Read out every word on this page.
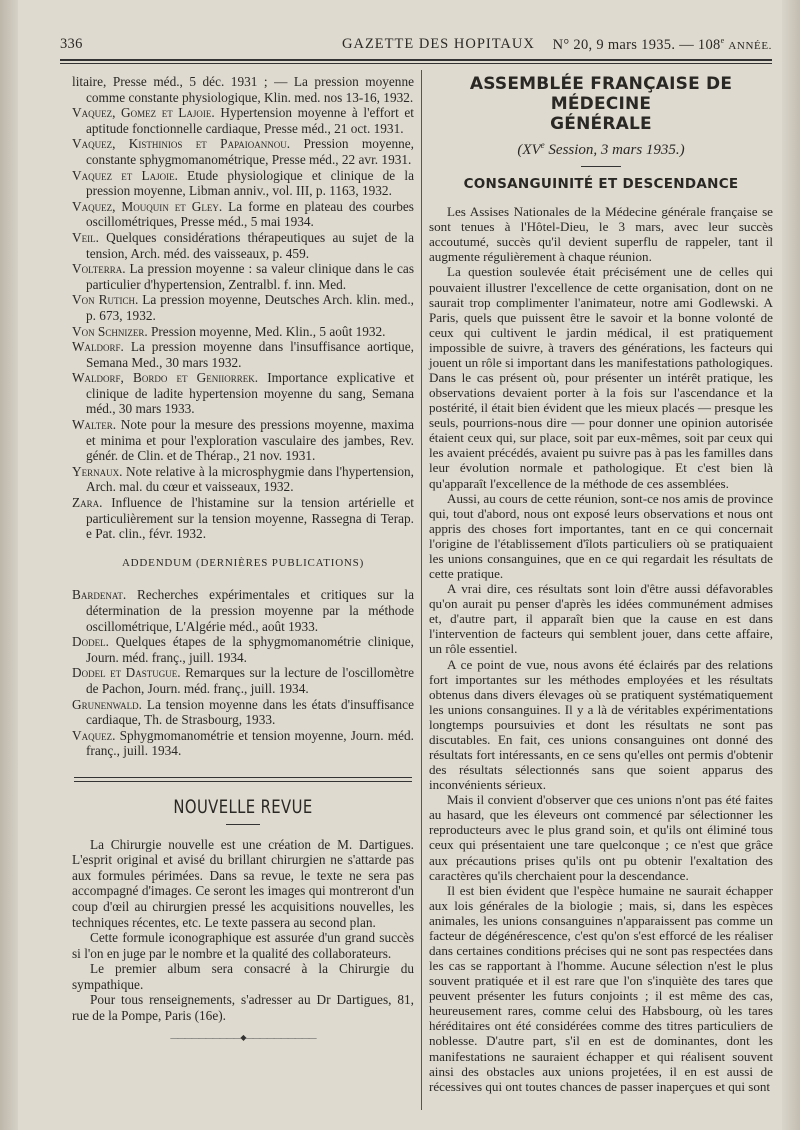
336	GAZETTE DES HOPITAUX N° 20, 9 mars 1935. — 108e ANNÉE.

litaire, Presse méd., 5 déc. 1931 ; — La pression moyenne comme constante physiologique, Klin. med. nos 13-16, 1932.

Vaquez, Gomez et Lajoie. Hypertension moyenne à l'effort et aptitude fonctionnelle cardiaque, Presse méd., 21 oct. 1931.

Vaquez, Kisthinios et Papaioannou. Pression moyenne, constante sphygmomanométrique, Presse méd., 22 avr. 1931.

Vaquez et Lajoie. Etude physiologique et clinique de la pression moyenne, Libman anniv., vol. III, p. 1163, 1932.

Vaquez, Mouquin et Gley. La forme en plateau des courbes oscillométriques, Presse méd., 5 mai 1934.

Veil. Quelques considérations thérapeutiques au sujet de la tension, Arch. méd. des vaisseaux, p. 459.

Volterra. La pression moyenne : sa valeur clinique dans le cas particulier d'hypertension, Zentralbl. f. inn. Med.

Von Rutich. La pression moyenne, Deutsches Arch. klin. med., p. 673, 1932.

Von Schnizer. Pression moyenne, Med. Klin., 5 août 1932.

Waldorf. La pression moyenne dans l'insuffisance aortique, Semana Med., 30 mars 1932.

Waldorf, Bordo et Geniiorrek. Importance explicative et clinique de ladite hypertension moyenne du sang, Semana méd., 30 mars 1933.

Walter. Note pour la mesure des pressions moyenne, maxima et minima et pour l'exploration vasculaire des jambes, Rev. génér. de Clin. et de Thérap., 21 nov. 1931.

Yernaux. Note relative à la microsphygmie dans l'hypertension, Arch. mal. du cœur et vaisseaux, 1932.

Zara. Influence de l'histamine sur la tension artérielle et particulièrement sur la tension moyenne, Rassegna di Terap. e Pat. clin., févr. 1932.

ADDENDUM (DERNIÈRES PUBLICATIONS)

Bardenat. Recherches expérimentales et critiques sur la détermination de la pression moyenne par la méthode oscillométrique, L'Algérie méd., août 1933.

Dodel. Quelques étapes de la sphygmomanométrie clinique, Journ. méd. franç., juill. 1934.

Dodel et Dastugue. Remarques sur la lecture de l'oscillomètre de Pachon, Journ. méd. franç., juill. 1934.

Grunenwald. La tension moyenne dans les états d'insuffisance cardiaque, Th. de Strasbourg, 1933.

Vaquez. Sphygmomanométrie et tension moyenne, Journ. méd. franç., juill. 1934.

NOUVELLE REVUE

La Chirurgie nouvelle est une création de M. Dartigues. L'esprit original et avisé du brillant chirurgien ne s'attarde pas aux formules périmées. Dans sa revue, le texte ne sera pas accompagné d'images. Ce seront les images qui montreront d'un coup d'œil au chirurgien pressé les acquisitions nouvelles, les techniques récentes, etc. Le texte passera au second plan.

Cette formule iconographique est assurée d'un grand succès si l'on en juge par le nombre et la qualité des collaborateurs.

Le premier album sera consacré à la Chirurgie du sympathique.

Pour tous renseignements, s'adresser au Dr Dartigues, 81, rue de la Pompe, Paris (16e).

——————————◆——————————
ASSEMBLÉE FRANÇAISE DE MÉDECINE
GÉNÉRALE
(XVe Session, 3 mars 1935.)
CONSANGUINITÉ ET DESCENDANCE

Les Assises Nationales de la Médecine générale française se sont tenues à l'Hôtel-Dieu, le 3 mars, avec leur succès accoutumé, succès qu'il devient superflu de rappeler, tant il augmente régulièrement à chaque réunion.

La question soulevée était précisément une de celles qui pouvaient illustrer l'excellence de cette organisation, dont on ne saurait trop complimenter l'animateur, notre ami Godlewski. A Paris, quels que puissent être le savoir et la bonne volonté de ceux qui cultivent le jardin médical, il est pratiquement impossible de suivre, à travers des générations, les facteurs qui jouent un rôle si important dans les manifestations pathologiques. Dans le cas présent où, pour présenter un intérêt pratique, les observations devaient porter à la fois sur l'ascendance et la postérité, il était bien évident que les mieux placés — presque les seuls, pourrions-nous dire — pour donner une opinion autorisée étaient ceux qui, sur place, soit par eux-mêmes, soit par ceux qui les avaient précédés, avaient pu suivre pas à pas les familles dans leur évolution normale et pathologique. Et c'est bien là qu'apparaît l'excellence de la méthode de ces assemblées.

Aussi, au cours de cette réunion, sont-ce nos amis de province qui, tout d'abord, nous ont exposé leurs observations et nous ont appris des choses fort importantes, tant en ce qui concernait l'origine de l'établissement d'îlots particuliers où se pratiquaient les unions consanguines, que en ce qui regardait les résultats de cette pratique.

A vrai dire, ces résultats sont loin d'être aussi défavorables qu'on aurait pu penser d'après les idées communément admises et, d'autre part, il apparaît bien que la cause en est dans l'intervention de facteurs qui semblent jouer, dans cette affaire, un rôle essentiel.

A ce point de vue, nous avons été éclairés par des relations fort importantes sur les méthodes employées et les résultats obtenus dans divers élevages où se pratiquent systématiquement les unions consanguines. Il y a là de véritables expérimentations longtemps poursuivies et dont les résultats ne sont pas discutables. En fait, ces unions consanguines ont donné des résultats fort intéressants, en ce sens qu'elles ont permis d'obtenir des résultats sélectionnés sans que soient apparus des inconvénients sérieux.

Mais il convient d'observer que ces unions n'ont pas été faites au hasard, que les éleveurs ont commencé par sélectionner les reproducteurs avec le plus grand soin, et qu'ils ont éliminé tous ceux qui présentaient une tare quelconque ; ce n'est que grâce aux précautions prises qu'ils ont pu obtenir l'exaltation des caractères qu'ils cherchaient pour la descendance.

Il est bien évident que l'espèce humaine ne saurait échapper aux lois générales de la biologie ; mais, si, dans les espèces animales, les unions consanguines n'apparaissent pas comme un facteur de dégénérescence, c'est qu'on s'est efforcé de les réaliser dans certaines conditions précises qui ne sont pas respectées dans les cas se rapportant à l'homme. Aucune sélection n'est le plus souvent pratiquée et il est rare que l'on s'inquiète des tares que peuvent présenter les futurs conjoints ; il est même des cas, heureusement rares, comme celui des Habsbourg, où les tares héréditaires ont été considérées comme des titres particuliers de noblesse. D'autre part, s'il en est de dominantes, dont les manifestations ne sauraient échapper et qui réalisent souvent ainsi des obstacles aux unions projetées, il en est aussi de récessives qui ont toutes chances de passer inaperçues et qui sont
